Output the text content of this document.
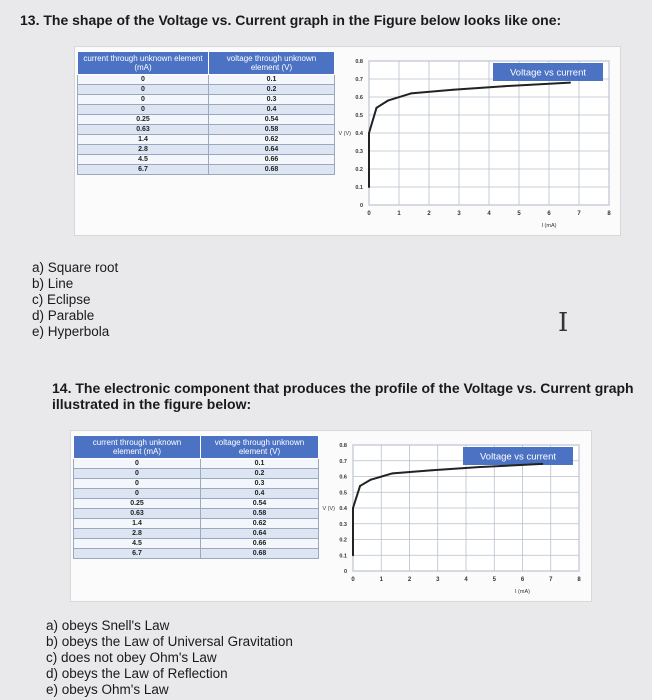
13. The shape of the Voltage vs. Current graph in the Figure below looks like one:
current through unknown element (mA)	voltage through unknown element (V)
0	0.1
0	0.2
0	0.3
0	0.4
0.25	0.54
0.63	0.58
1.4	0.62
2.8	0.64
4.5	0.66
6.7	0.68
0	1	2	3	4	5	6	7	8
0
0.1
0.2
0.3
0.4
0.5
0.6
0.7
0.8
V (V)
I (mA)
Voltage vs current
a) Square root
b) Line
c) Eclipse
d) Parable
e) Hyperbola	I
14. The electronic component that produces the profile of the Voltage vs. Current graph
illustrated in the figure below:
current through unknown element (mA)	voltage through unknown element (V)
0	0.1
0	0.2
0	0.3
0	0.4
0.25	0.54
0.63	0.58
1.4	0.62
2.8	0.64
4.5	0.66
6.7	0.68
0	1	2	3	4	5	6	7	8
0
0.1
0.2
0.3
0.4
0.5
0.6
0.7
0.8
V (V)
I (mA)
Voltage vs current
a) obeys Snell's Law
b) obeys the Law of Universal Gravitation
c) does not obey Ohm's Law
d) obeys the Law of Reflection
e) obeys Ohm's Law
